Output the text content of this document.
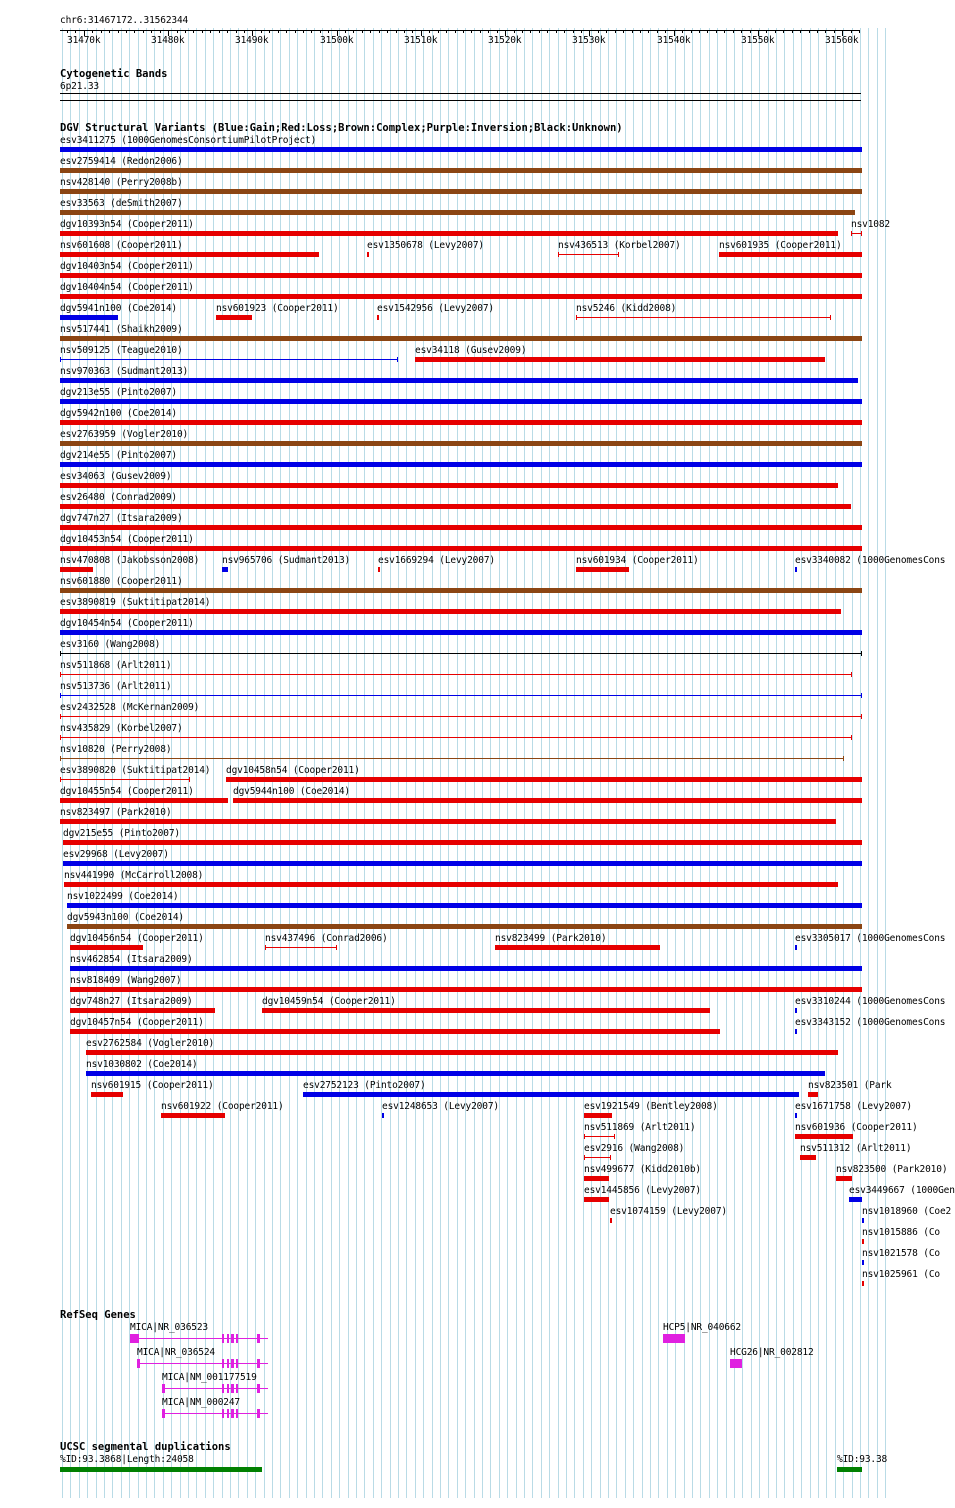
chr6:31467172..31562344
31470k	31480k	31490k	31500k	31510k	31520k	31530k	31540k	31550k	31560k
Cytogenetic Bands
6p21.33
DGV Structural Variants (Blue:Gain;Red:Loss;Brown:Complex;Purple:Inversion;Black:Unknown)
esv3411275 (1000GenomesConsortiumPilotProject)
esv2759414 (Redon2006)
nsv428140 (Perry2008b)
esv33563 (deSmith2007)
dgv10393n54 (Cooper2011)	nsv1082
nsv601608 (Cooper2011)	esv1350678 (Levy2007)	nsv436513 (Korbel2007)	nsv601935 (Cooper2011)
dgv10403n54 (Cooper2011)
dgv10404n54 (Cooper2011)
dgv5941n100 (Coe2014)	nsv601923 (Cooper2011)	esv1542956 (Levy2007)	nsv5246 (Kidd2008)
nsv517441 (Shaikh2009)
nsv509125 (Teague2010)	esv34118 (Gusev2009)
nsv970363 (Sudmant2013)
dgv213e55 (Pinto2007)
dgv5942n100 (Coe2014)
esv2763959 (Vogler2010)
dgv214e55 (Pinto2007)
esv34063 (Gusev2009)
esv26480 (Conrad2009)
dgv747n27 (Itsara2009)
dgv10453n54 (Cooper2011)
nsv470808 (Jakobsson2008) nsv965706 (Sudmant2013)	esv1669294 (Levy2007)	nsv601934 (Cooper2011)	esv3340082 (1000GenomesCons
nsv601880 (Cooper2011)
esv3890819 (Suktitipat2014)
dgv10454n54 (Cooper2011)
esv3160 (Wang2008)
nsv511868 (Arlt2011)
nsv513736 (Arlt2011)
esv2432528 (McKernan2009)
nsv435829 (Korbel2007)
nsv10820 (Perry2008)
esv3890820 (Suktitipat2014) dgv10458n54 (Cooper2011)
dgv10455n54 (Cooper2011)	dgv5944n100 (Coe2014)
nsv823497 (Park2010)
dgv215e55 (Pinto2007)
esv29968 (Levy2007)
nsv441990 (McCarroll2008)
nsv1022499 (Coe2014)
dgv5943n100 (Coe2014)
dgv10456n54 (Cooper2011)	nsv437496 (Conrad2006)	nsv823499 (Park2010)	esv3305017 (1000GenomesCons
nsv462854 (Itsara2009)
nsv818409 (Wang2007)
dgv748n27 (Itsara2009)	dgv10459n54 (Cooper2011)	esv3310244 (1000GenomesCons
dgv10457n54 (Cooper2011)	esv3343152 (1000GenomesCons
esv2762584 (Vogler2010)
nsv1030802 (Coe2014)
nsv601915 (Cooper2011)	esv2752123 (Pinto2007)	nsv823501 (Park
nsv601922 (Cooper2011)	esv1248653 (Levy2007)	esv1921549 (Bentley2008)	esv1671758 (Levy2007)
nsv511869 (Arlt2011)	nsv601936 (Cooper2011)
esv2916 (Wang2008)	nsv511312 (Arlt2011)
nsv499677 (Kidd2010b)	nsv823500 (Park2010)
esv1445856 (Levy2007)	esv3449667 (1000Gen
esv1074159 (Levy2007)	nsv1018960 (Coe2
nsv1015886 (Co
nsv1021578 (Co
nsv1025961 (Co
RefSeq Genes
MICA|NR_036523
MICA|NR_036524
MICA|NM_001177519
MICA|NM_000247
HCP5|NR_040662
HCG26|NR_002812
UCSC segmental duplications
%ID:93.3868|Length:24058	%ID:93.38
